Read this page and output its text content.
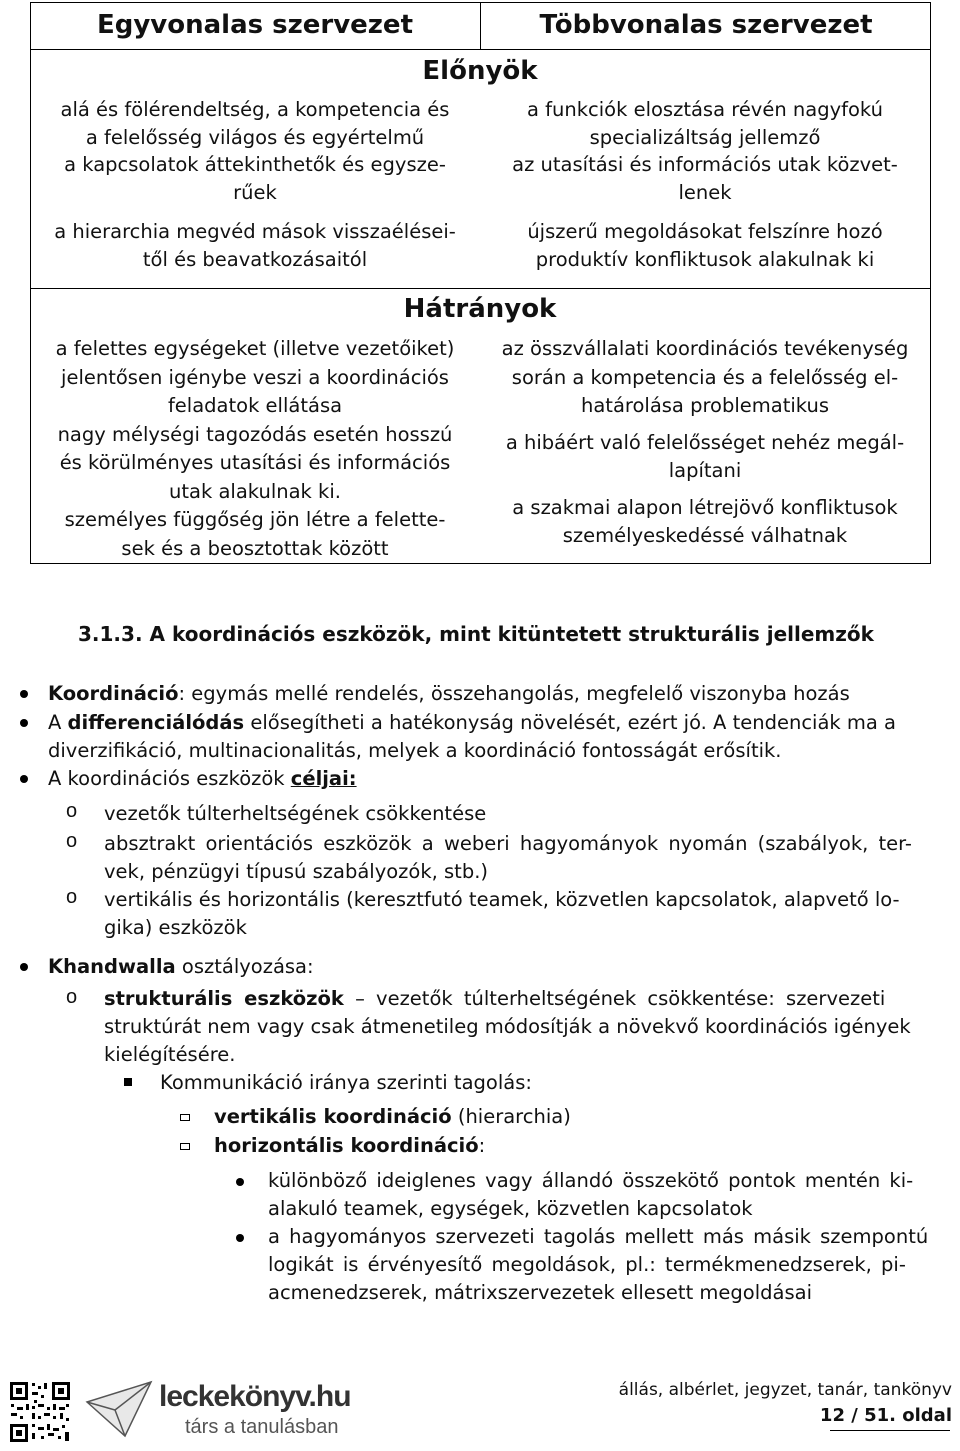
Egyvonalas szervezet	Többvonalas szervezet
Előnyök
alá és fölérendeltség, a kompetencia és
a felelősség világos és egyértelmű
a kapcsolatok áttekinthetők és egysze-
rűek
a hierarchia megvéd mások visszaélései-
től és beavatkozásaitól
a funkciók elosztása révén nagyfokú
specializáltság jellemző
az utasítási és információs utak közvet-
lenek
újszerű megoldásokat felszínre hozó
produktív konfliktusok alakulnak ki
Hátrányok
a felettes egységeket (illetve vezetőiket)
jelentősen igénybe veszi a koordinációs
feladatok ellátása
nagy mélységi tagozódás esetén hosszú
és körülményes utasítási és információs
utak alakulnak ki.
személyes függőség jön létre a felette-
sek és a beosztottak között
az összvállalati koordinációs tevékenység
során a kompetencia és a felelősség el-
határolása problematikus
a hibáért való felelősséget nehéz megál-
lapítani
a szakmai alapon létrejövő konfliktusok
személyeskedéssé válhatnak
3.1.3. A koordinációs eszközök, mint kitüntetett strukturális jellemzők
Koordináció: egymás mellé rendelés, összehangolás, megfelelő viszonyba hozás
A differenciálódás elősegítheti a hatékonyság növelését, ezért jó. A tendenciák ma a
diverzifikáció, multinacionalitás, melyek a koordináció fontosságát erősítik.
A koordinációs eszközök céljai:
o vezetők túlterheltségének csökkentése
o absztrakt orientációs eszközök a weberi hagyományok nyomán (szabályok, ter-
vek, pénzügyi típusú szabályozók, stb.)
o vertikális és horizontális (keresztfutó teamek, közvetlen kapcsolatok, alapvető lo-
gika) eszközök
Khandwalla osztályozása:
o strukturális eszközök – vezetők túlterheltségének csökkentése: szervezeti
struktúrát nem vagy csak átmenetileg módosítják a növekvő koordinációs igények
kielégítésére.
Kommunikáció iránya szerinti tagolás:
vertikális koordináció (hierarchia)
horizontális koordináció:
különböző ideiglenes vagy állandó összekötő pontok mentén ki-
alakuló teamek, egységek, közvetlen kapcsolatok
a hagyományos szervezeti tagolás mellett más másik szempontú
logikát is érvényesítő megoldások, pl.: termékmenedzserek, pi-
acmenedzserek, mátrixszervezetek ellesett megoldásai
leckekönyv.hu
társ a tanulásban
állás, albérlet, jegyzet, tanár, tankönyv
12 / 51. oldal
